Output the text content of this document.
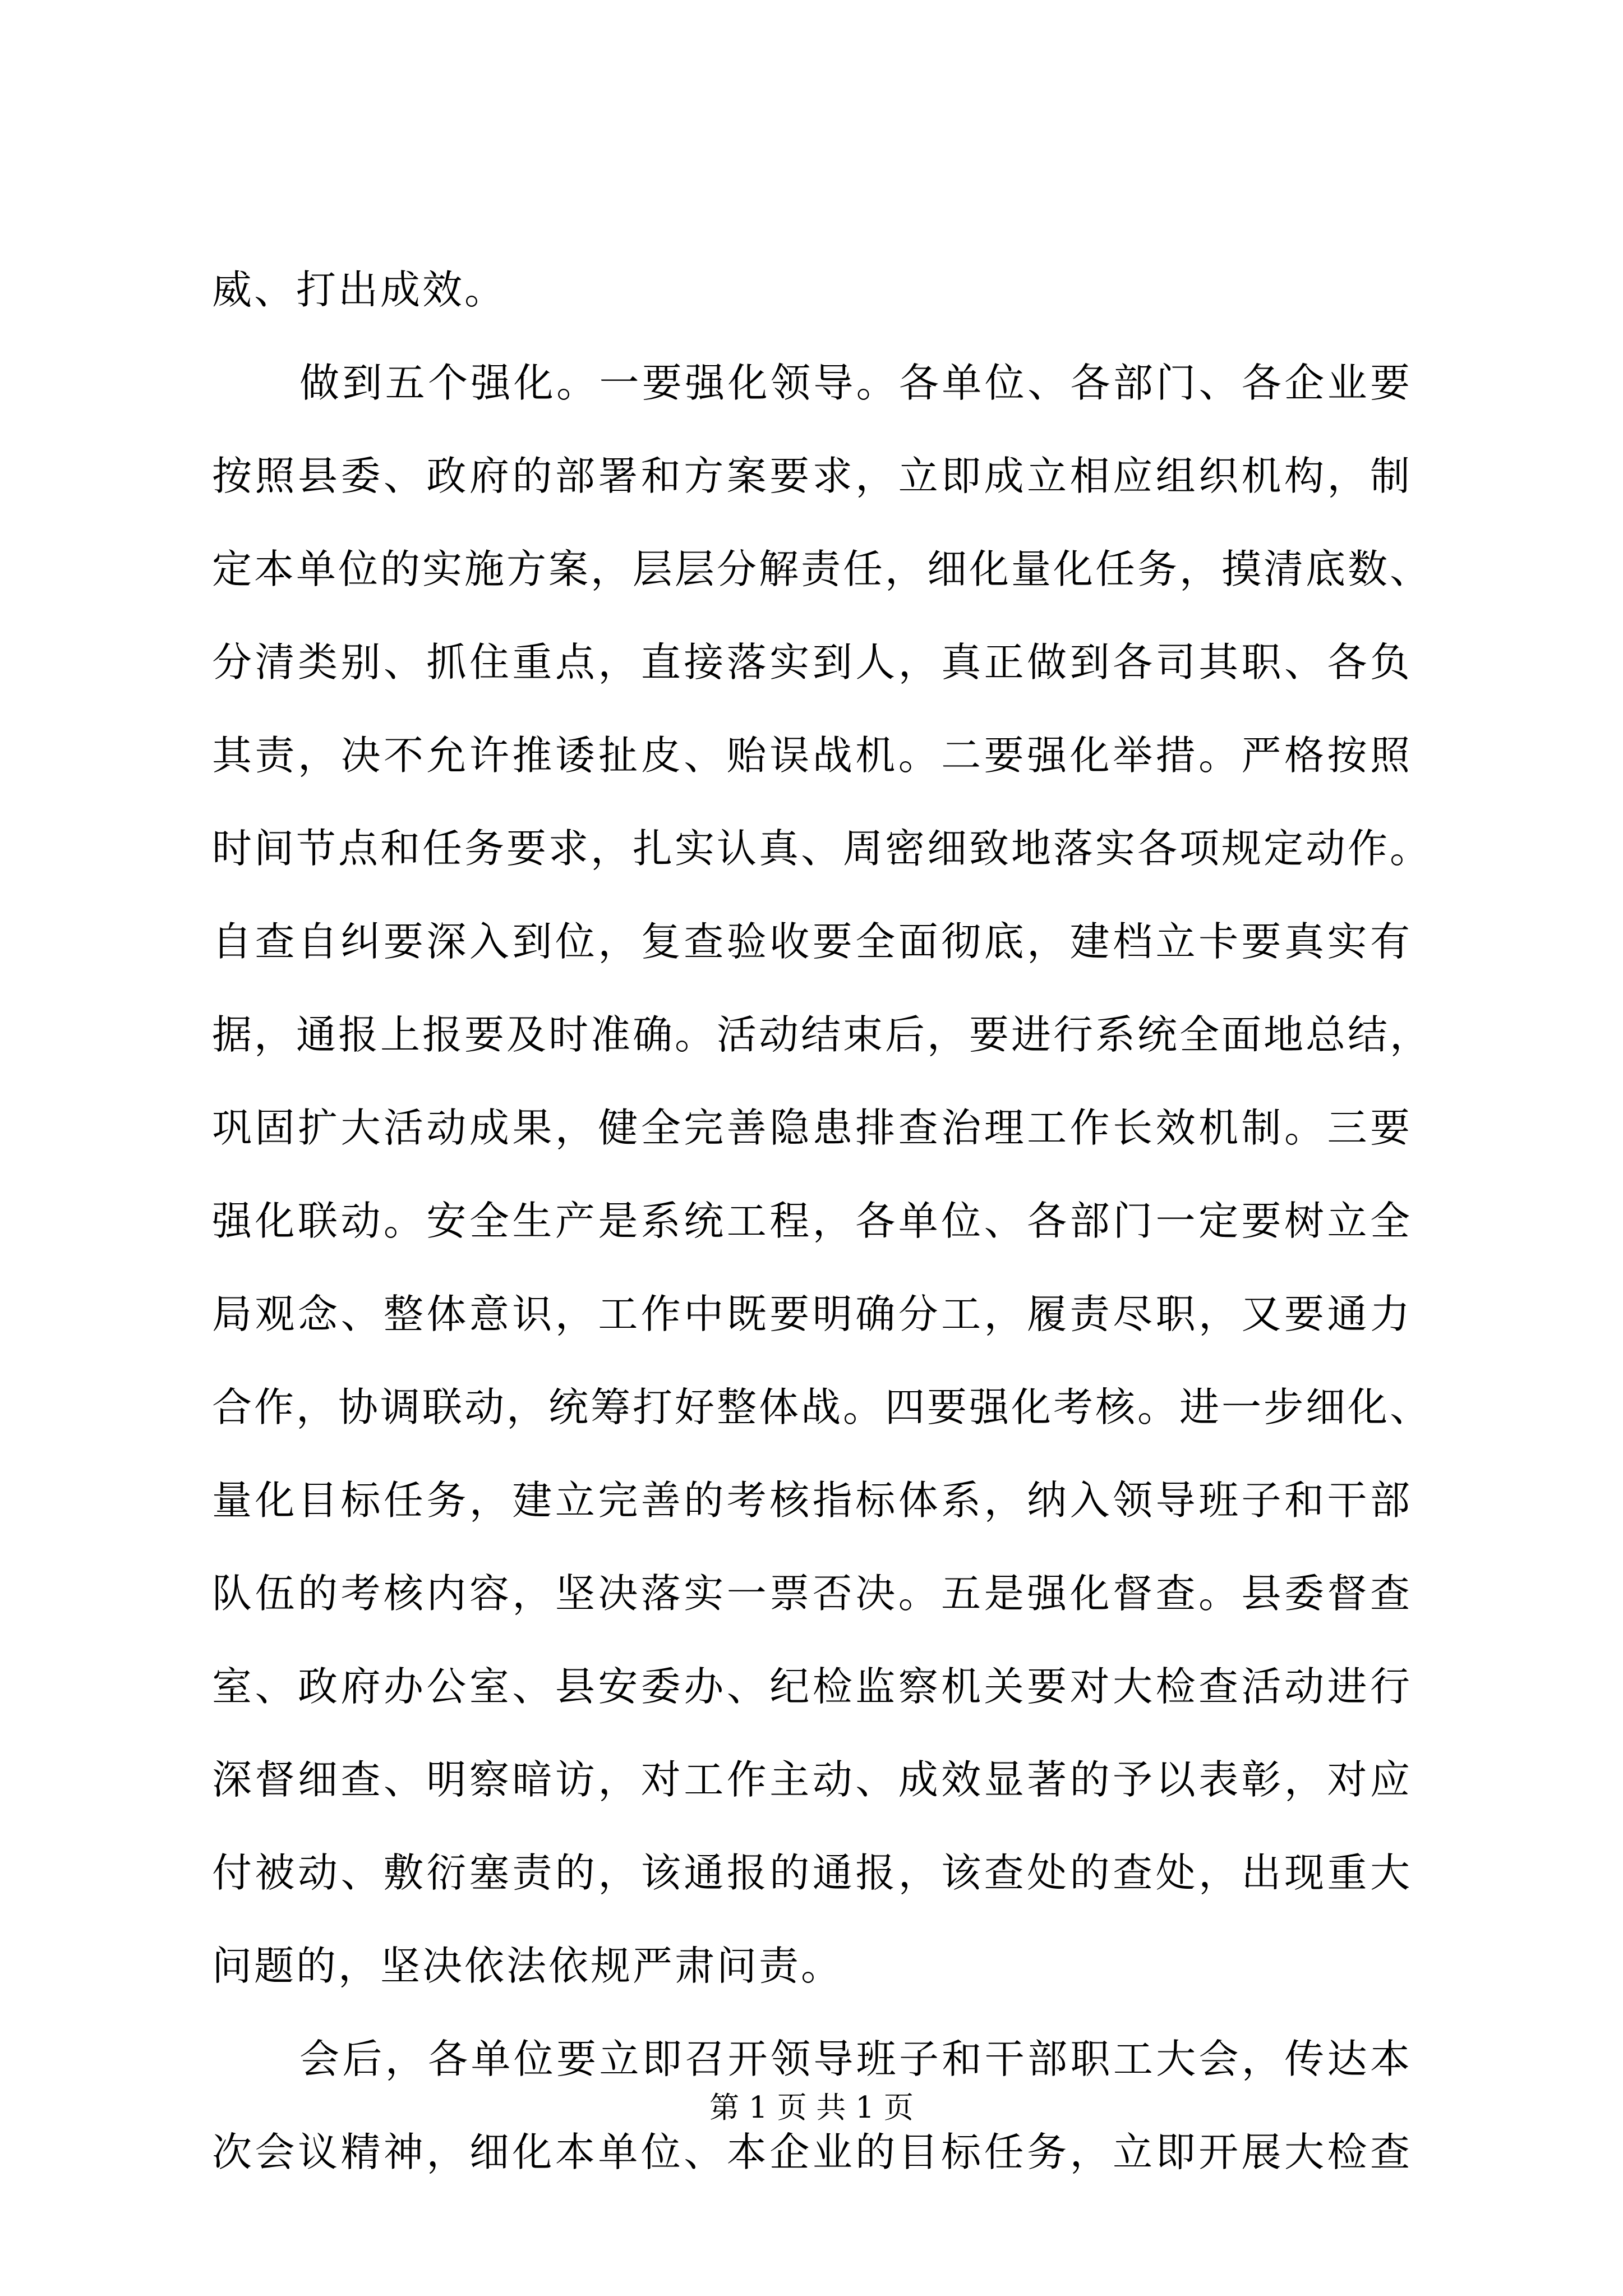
威、打出成效。
做到五个强化。一要强化领导。各单位、各部门、各企业要
按照县委、政府的部署和方案要求，立即成立相应组织机构，制
定本单位的实施方案，层层分解责任，细化量化任务，摸清底数、
分清类别、抓住重点，直接落实到人，真正做到各司其职、各负
其责，决不允许推诿扯皮、贻误战机。二要强化举措。严格按照
时间节点和任务要求，扎实认真、周密细致地落实各项规定动作。
自查自纠要深入到位，复查验收要全面彻底，建档立卡要真实有
据，通报上报要及时准确。活动结束后，要进行系统全面地总结，
巩固扩大活动成果，健全完善隐患排查治理工作长效机制。三要
强化联动。安全生产是系统工程，各单位、各部门一定要树立全
局观念、整体意识，工作中既要明确分工，履责尽职，又要通力
合作，协调联动，统筹打好整体战。四要强化考核。进一步细化、
量化目标任务，建立完善的考核指标体系，纳入领导班子和干部
队伍的考核内容，坚决落实一票否决。五是强化督查。县委督查
室、政府办公室、县安委办、纪检监察机关要对大检查活动进行
深督细查、明察暗访，对工作主动、成效显著的予以表彰，对应
付被动、敷衍塞责的，该通报的通报，该查处的查处，出现重大
问题的，坚决依法依规严肃问责。
会后，各单位要立即召开领导班子和干部职工大会，传达本
次会议精神，细化本单位、本企业的目标任务，立即开展大检查
第 1 页 共 1 页
